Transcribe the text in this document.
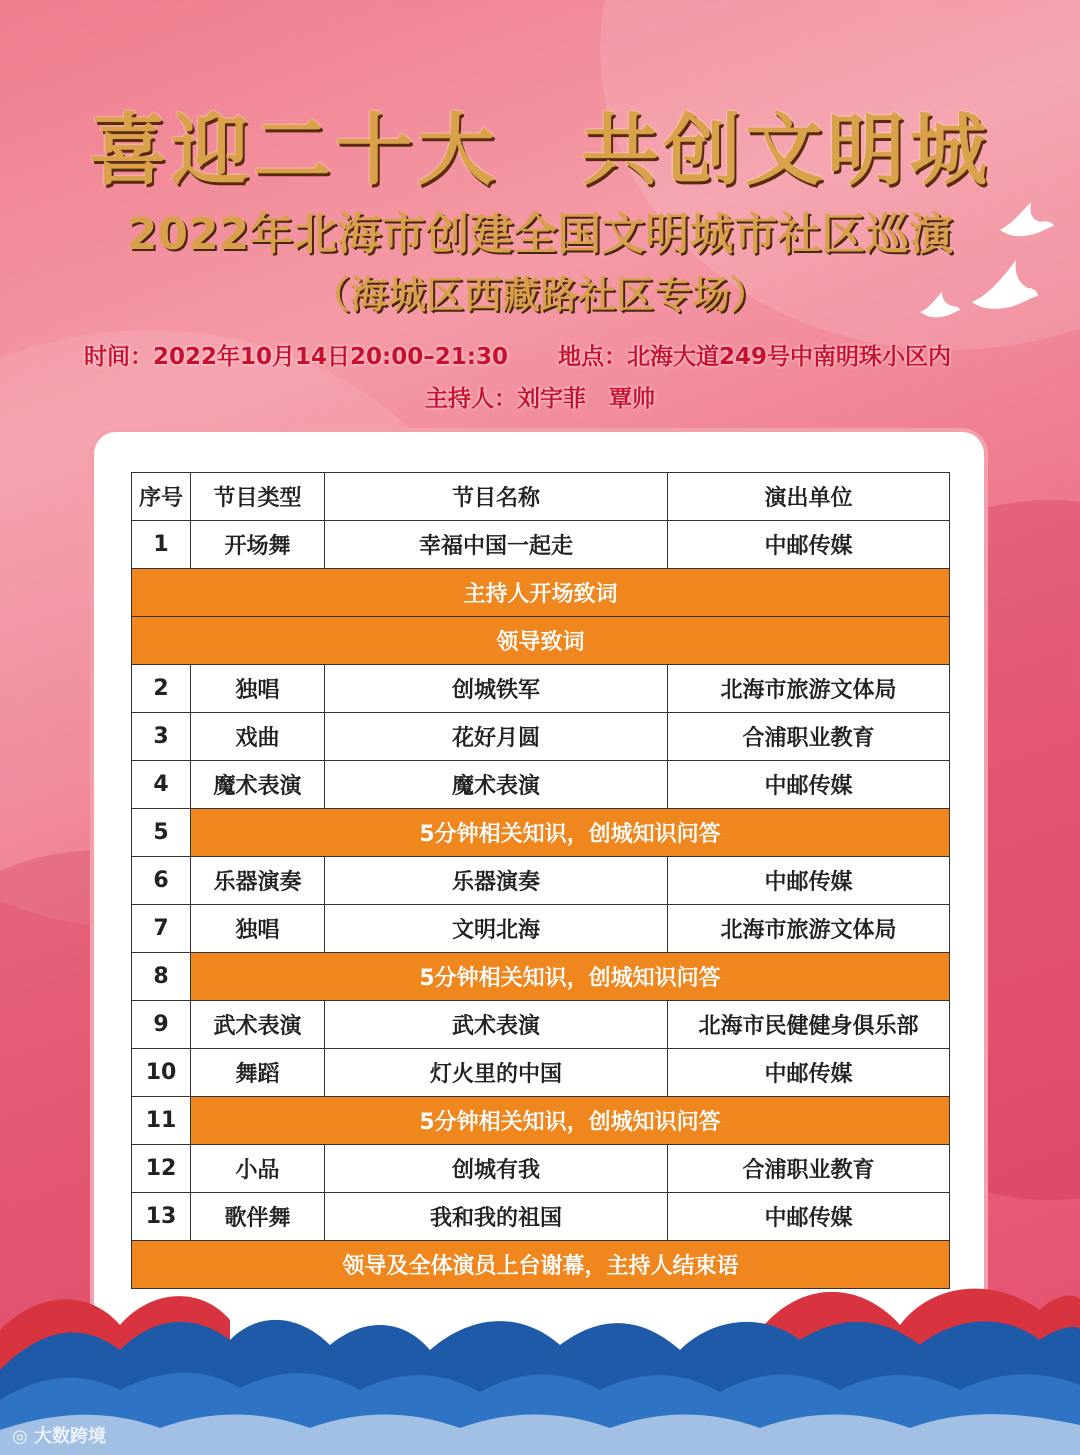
喜迎二十大　共创文明城
2022年北海市创建全国文明城市社区巡演
（海城区西藏路社区专场）
时间：2022年10月14日20:00–21:30 地点：北海大道249号中南明珠小区内
主持人：刘宇菲　覃帅
序号	节目类型	节目名称	演出单位
1	开场舞	幸福中国一起走	中邮传媒
主持人开场致词			
领导致词			
2	独唱	创城铁军	北海市旅游文体局
3	戏曲	花好月圆	合浦职业教育
4	魔术表演	魔术表演	中邮传媒
5	5分钟相关知识，创城知识问答		
6	乐器演奏	乐器演奏	中邮传媒
7	独唱	文明北海	北海市旅游文体局
8	5分钟相关知识，创城知识问答		
9	武术表演	武术表演	北海市民健健身俱乐部
10	舞蹈	灯火里的中国	中邮传媒
11	5分钟相关知识，创城知识问答		
12	小品	创城有我	合浦职业教育
13	歌伴舞	我和我的祖国	中邮传媒
领导及全体演员上台谢幕，主持人结束语			
◎ 大数跨境
